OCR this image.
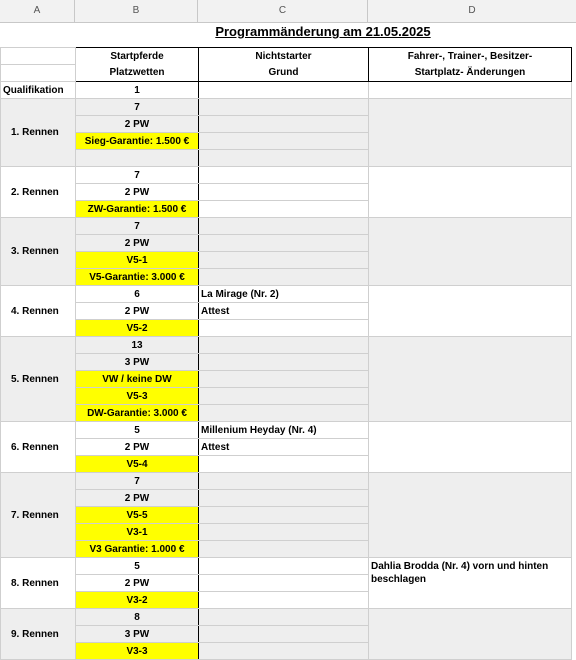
A	B	C	D
Programmänderung am 21.05.2025
	Startpferde	Nichtstarter	Fahrer-, Trainer-, Besitzer-
	Platzwetten	Grund	Startplatz- Änderungen
Qualifikation	1		
1. Rennen	7		
	2 PW		
	Sieg-Garantie: 1.500 €		

2. Rennen	7		
	2 PW		
	ZW-Garantie: 1.500 €		
3. Rennen	7		
	2 PW		
	V5-1		
	V5-Garantie: 3.000 €		
4. Rennen	6	La Mirage (Nr. 2)	
	2 PW	Attest	
	V5-2		
5. Rennen	13		
	3 PW		
	VW / keine DW		
	V5-3		
	DW-Garantie: 3.000 €		
6. Rennen	5	Millenium Heyday (Nr. 4)	
	2 PW	Attest	
	V5-4		
7. Rennen	7		
	2 PW		
	V5-5		
	V3-1		
	V3 Garantie: 1.000 €		
8. Rennen	5		Dahlia Brodda (Nr. 4) vorn und hinten beschlagen
	2 PW		
	V3-2		
9. Rennen	8		
	3 PW		
	V3-3		
